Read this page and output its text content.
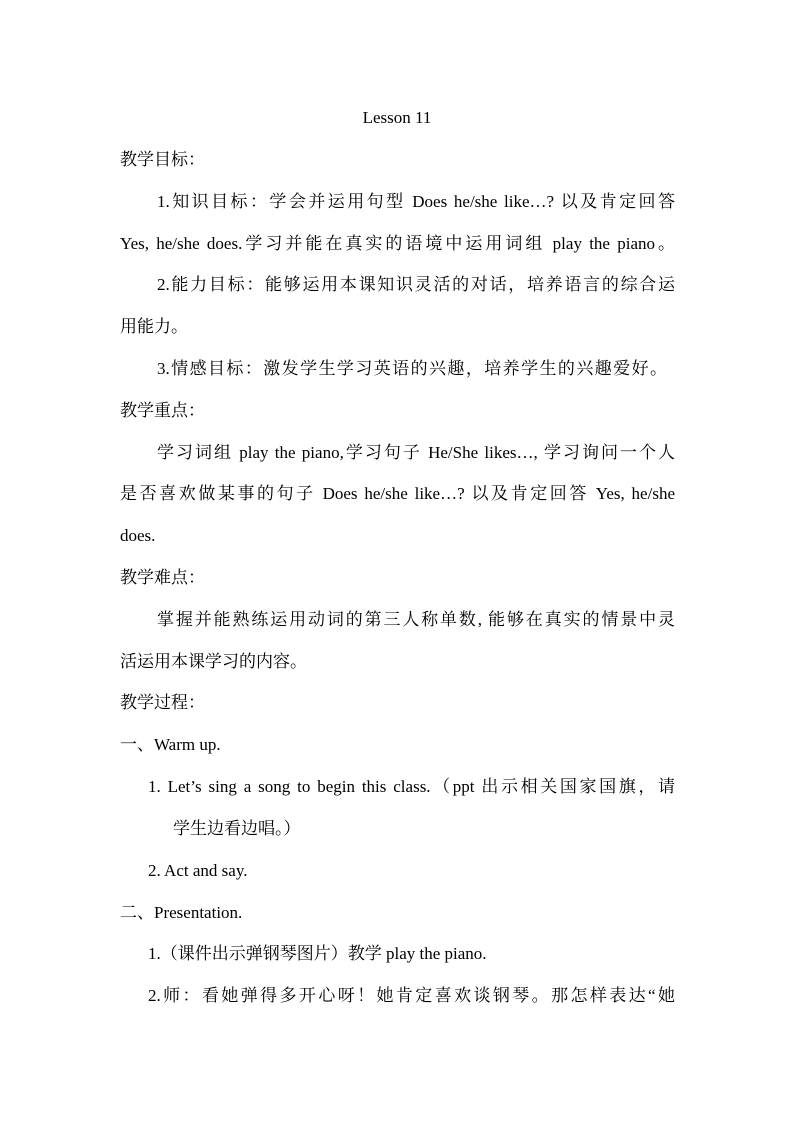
Lesson 11
教学目标：
1.知识目标：学会并运用句型 Does he/she like…? 以及肯定回答
Yes, he/she does.学习并能在真实的语境中运用词组 play the piano。
2.能力目标：能够运用本课知识灵活的对话，培养语言的综合运
用能力。
3.情感目标：激发学生学习英语的兴趣，培养学生的兴趣爱好。
教学重点：
学习词组 play the piano,学习句子 He/She likes…, 学习询问一个人
是否喜欢做某事的句子 Does he/she like…? 以及肯定回答 Yes, he/she
does.
教学难点：
掌握并能熟练运用动词的第三人称单数, 能够在真实的情景中灵
活运用本课学习的内容。
教学过程：
一、Warm up.
1. Let’s sing a song to begin this class.（ppt 出示相关国家国旗，请
学生边看边唱。）
2. Act and say.
二、Presentation.
1.（课件出示弹钢琴图片）教学 play the piano.
2.师：看她弹得多开心呀！她肯定喜欢谈钢琴。那怎样表达“她
